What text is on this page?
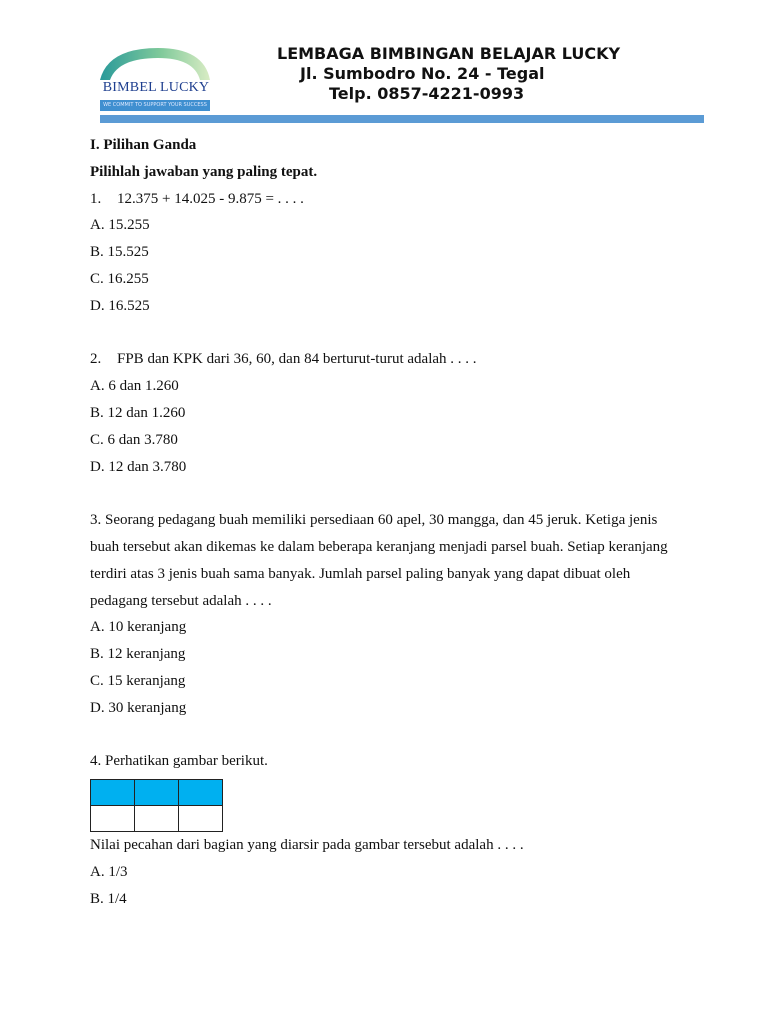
BIMBEL LUCKY
WE COMMIT TO SUPPORT YOUR SUCCESS
LEMBAGA BIMBINGAN BELAJAR LUCKY
Jl. Sumbodro No. 24 - Tegal
Telp. 0857-4221-0993

I. Pilihan Ganda

Pilihlah jawaban yang paling tepat.

1. 12.375 + 14.025 - 9.875 = . . . .

A. 15.255

B. 15.525

C. 16.255

D. 16.525

2. FPB dan KPK dari 36, 60, dan 84 berturut-turut adalah . . . .

A. 6 dan 1.260

B. 12 dan 1.260

C. 6 dan 3.780

D. 12 dan 3.780

3. Seorang pedagang buah memiliki persediaan 60 apel, 30 mangga, dan 45 jeruk. Ketiga jenis

buah tersebut akan dikemas ke dalam beberapa keranjang menjadi parsel buah. Setiap keranjang

terdiri atas 3 jenis buah sama banyak. Jumlah parsel paling banyak yang dapat dibuat oleh

pedagang tersebut adalah . . . .

A. 10 keranjang

B. 12 keranjang

C. 15 keranjang

D. 30 keranjang

4. Perhatikan gambar berikut.

Nilai pecahan dari bagian yang diarsir pada gambar tersebut adalah . . . .

A. 1/3

B. 1/4
